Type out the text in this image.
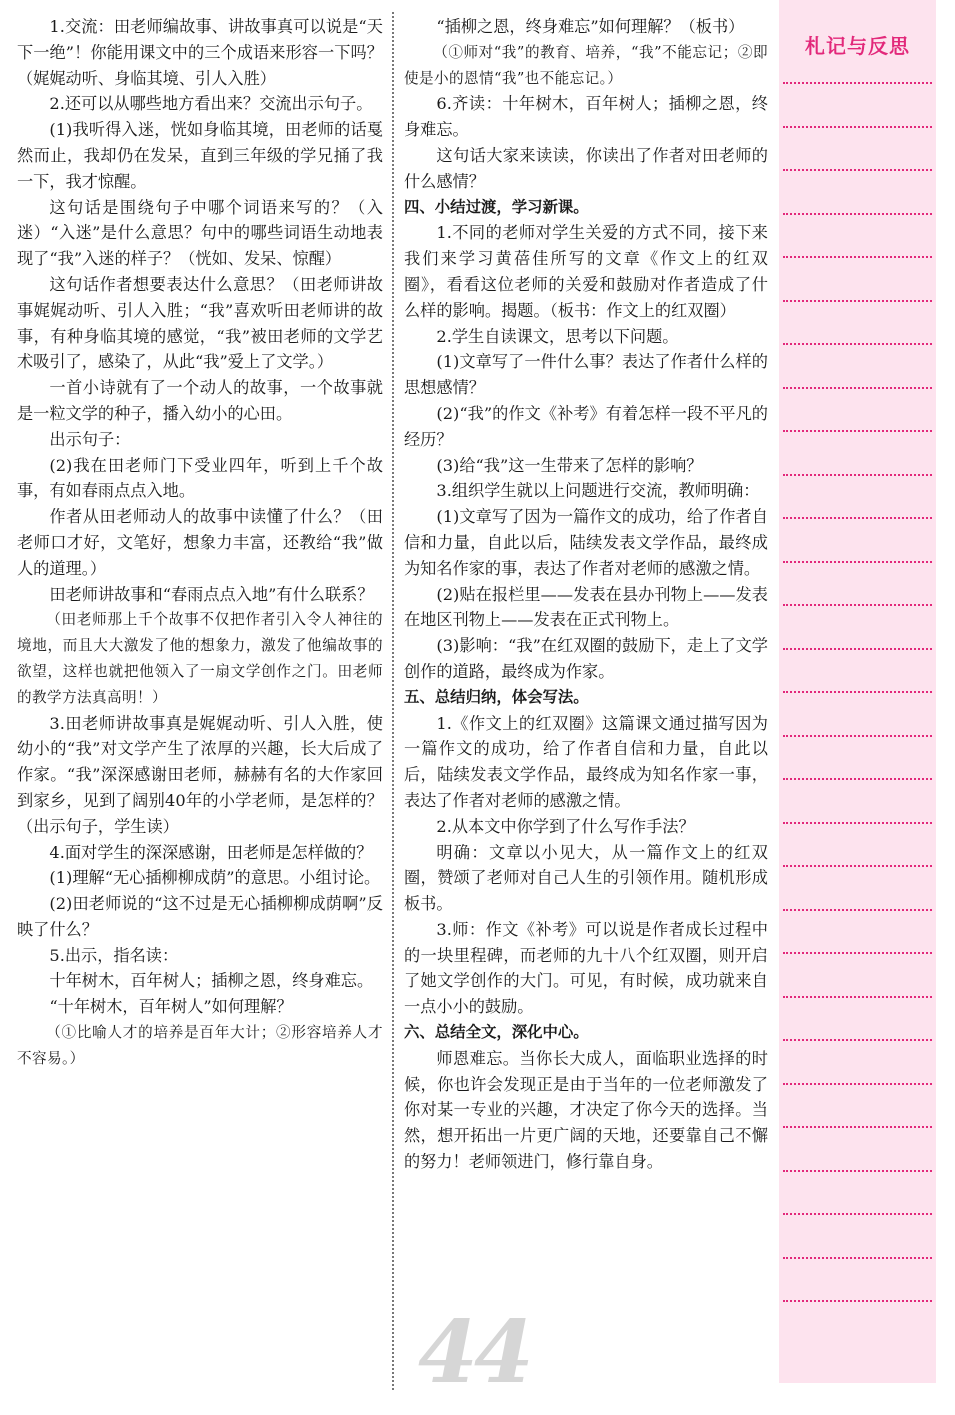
1.交流：田老师编故事、讲故事真可以说是“天下一绝”！你能用课文中的三个成语来形容一下吗？（娓娓动听、身临其境、引人入胜）

2.还可以从哪些地方看出来？交流出示句子。

(1)我听得入迷，恍如身临其境，田老师的话戛然而止，我却仍在发呆，直到三年级的学兄捅了我一下，我才惊醒。

这句话是围绕句子中哪个词语来写的？（入迷）“入迷”是什么意思？句中的哪些词语生动地表现了“我”入迷的样子？（恍如、发呆、惊醒）

这句话作者想要表达什么意思？（田老师讲故事娓娓动听、引人入胜；“我”喜欢听田老师讲的故事，有种身临其境的感觉，“我”被田老师的文学艺术吸引了，感染了，从此“我”爱上了文学。）

一首小诗就有了一个动人的故事，一个故事就是一粒文学的种子，播入幼小的心田。

出示句子：

(2)我在田老师门下受业四年，听到上千个故事，有如春雨点点入地。

作者从田老师动人的故事中读懂了什么？（田老师口才好，文笔好，想象力丰富，还教给“我”做人的道理。）

田老师讲故事和“春雨点点入地”有什么联系？

（田老师那上千个故事不仅把作者引入令人神往的境地，而且大大激发了他的想象力，激发了他编故事的欲望，这样也就把他领入了一扇文学创作之门。田老师的教学方法真高明！）

3.田老师讲故事真是娓娓动听、引人入胜，使幼小的“我”对文学产生了浓厚的兴趣，长大后成了作家。“我”深深感谢田老师，赫赫有名的大作家回到家乡，见到了阔别40年的小学老师，是怎样的？（出示句子，学生读）

4.面对学生的深深感谢，田老师是怎样做的？

(1)理解“无心插柳柳成荫”的意思。小组讨论。

(2)田老师说的“这不过是无心插柳柳成荫啊”反映了什么？

5.出示，指名读：

十年树木，百年树人；插柳之恩，终身难忘。

“十年树木，百年树人”如何理解？

（①比喻人才的培养是百年大计；②形容培养人才不容易。）

“插柳之恩，终身难忘”如何理解？（板书）

（①师对“我”的教育、培养，“我”不能忘记；②即使是小的恩情“我”也不能忘记。）

6.齐读：十年树木，百年树人；插柳之恩，终身难忘。

这句话大家来读读，你读出了作者对田老师的什么感情？

四、小结过渡，学习新课。

1.不同的老师对学生关爱的方式不同，接下来我们来学习黄蓓佳所写的文章《作文上的红双圈》，看看这位老师的关爱和鼓励对作者造成了什么样的影响。揭题。（板书：作文上的红双圈）

2.学生自读课文，思考以下问题。

(1)文章写了一件什么事？表达了作者什么样的思想感情？

(2)“我”的作文《补考》有着怎样一段不平凡的经历？

(3)给“我”这一生带来了怎样的影响？

3.组织学生就以上问题进行交流，教师明确：

(1)文章写了因为一篇作文的成功，给了作者自信和力量，自此以后，陆续发表文学作品，最终成为知名作家的事，表达了作者对老师的感激之情。

(2)贴在报栏里——发表在县办刊物上——发表在地区刊物上——发表在正式刊物上。

(3)影响：“我”在红双圈的鼓励下，走上了文学创作的道路，最终成为作家。

五、总结归纳，体会写法。

1.《作文上的红双圈》这篇课文通过描写因为一篇作文的成功，给了作者自信和力量，自此以后，陆续发表文学作品，最终成为知名作家一事，表达了作者对老师的感激之情。

2.从本文中你学到了什么写作手法？

明确：文章以小见大，从一篇作文上的红双圈，赞颂了老师对自己人生的引领作用。随机形成板书。

3.师：作文《补考》可以说是作者成长过程中的一块里程碑，而老师的九十八个红双圈，则开启了她文学创作的大门。可见，有时候，成功就来自一点小小的鼓励。

六、总结全文，深化中心。

师恩难忘。当你长大成人，面临职业选择的时候，你也许会发现正是由于当年的一位老师激发了你对某一专业的兴趣，才决定了你今天的选择。当然，想开拓出一片更广阔的天地，还要靠自己不懈的努力！老师领进门，修行靠自身。

札记与反思
44
